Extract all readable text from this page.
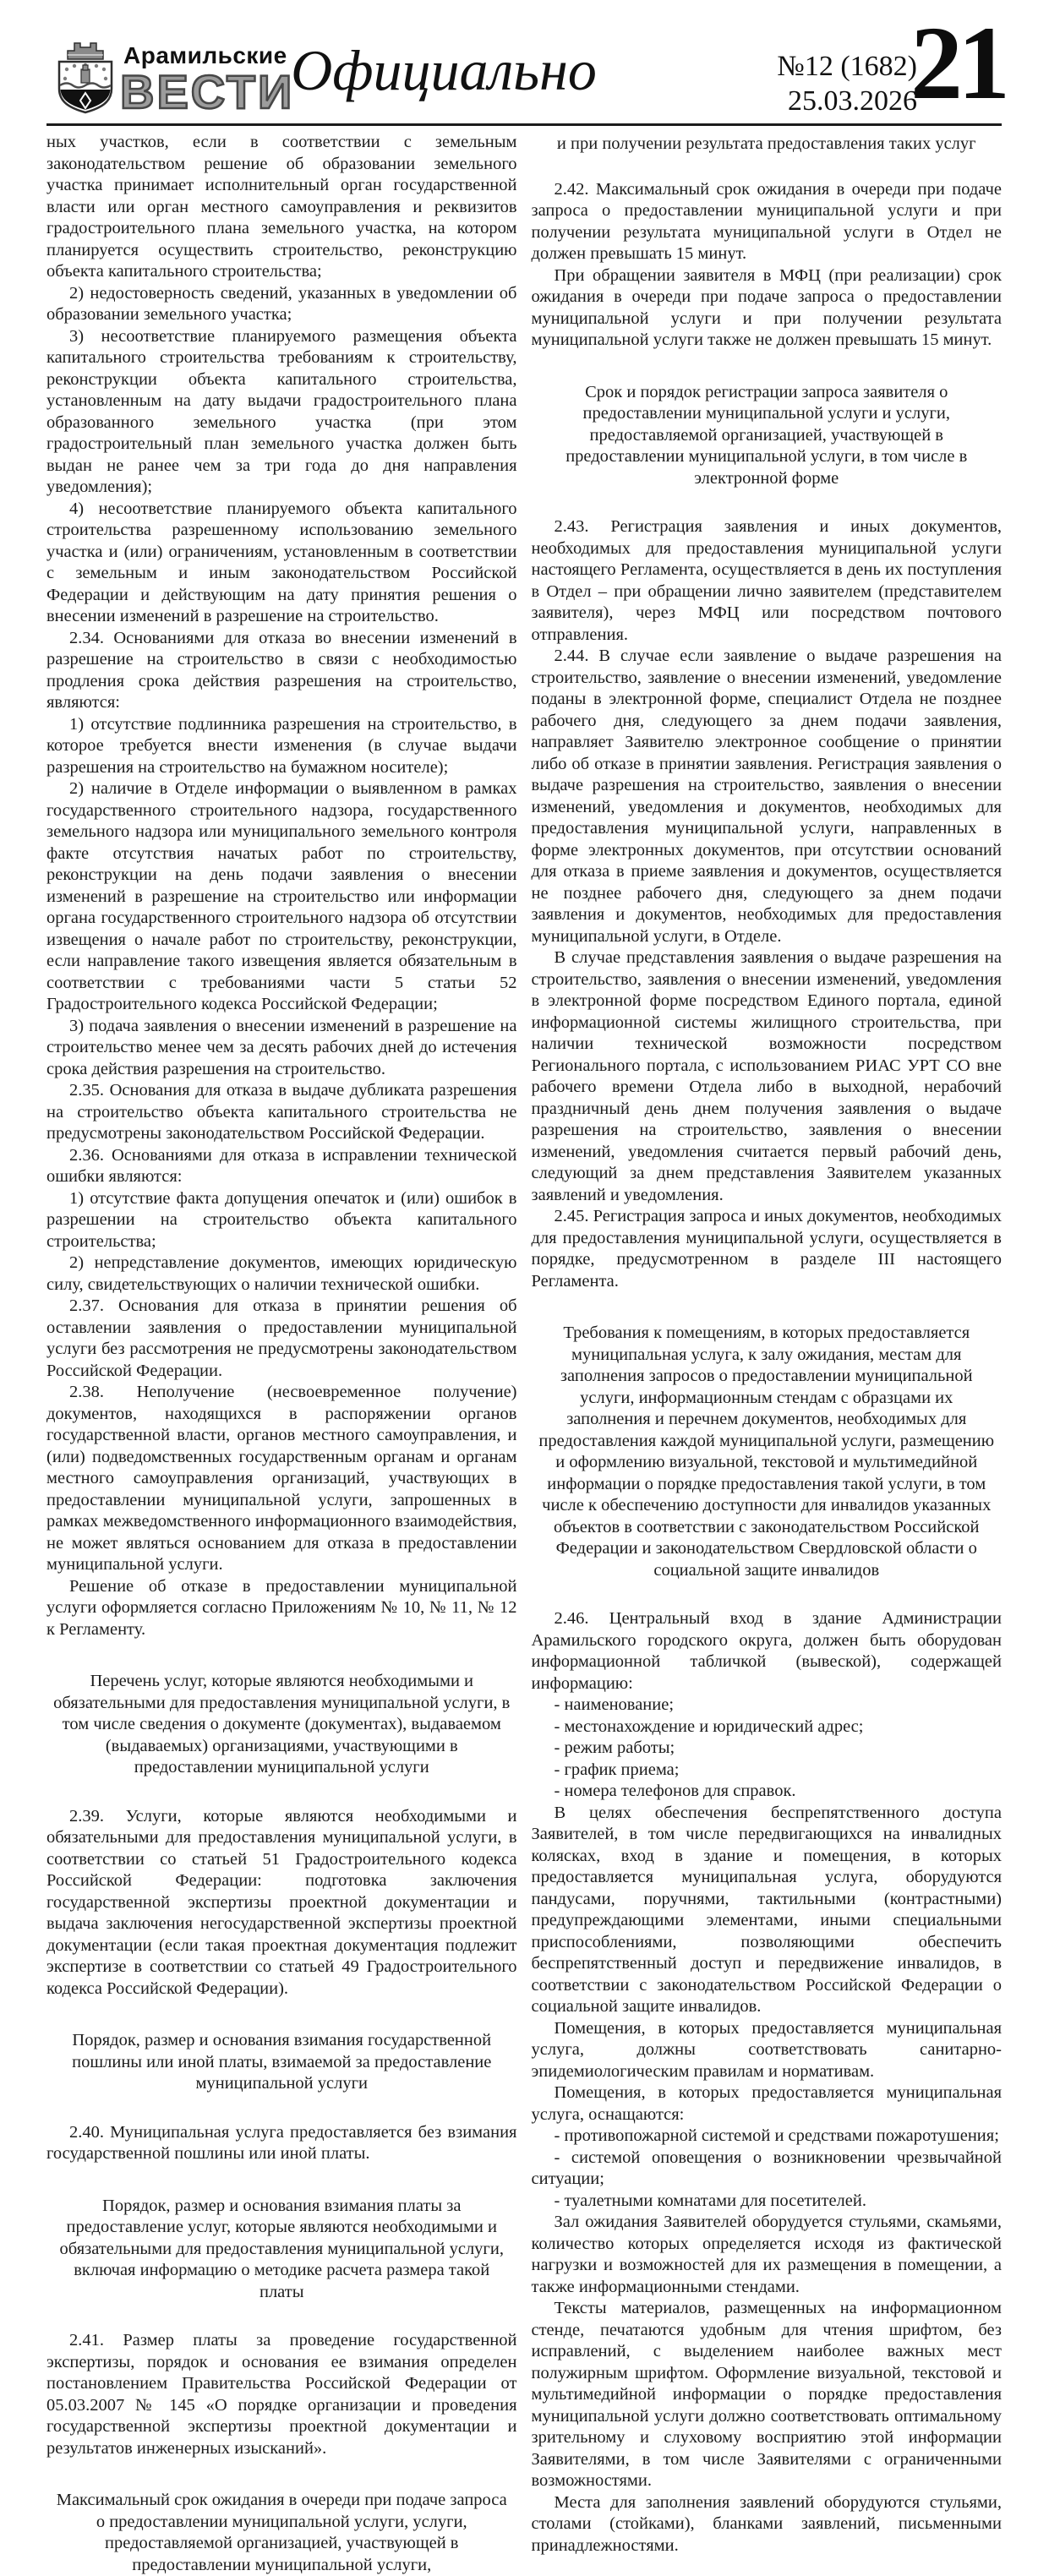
Арамильские
ВЕСТИ
Официально	№12 (1682)
25.03.2026
21

ных участков, если в соответствии с земельным законодательством решение об образовании земельного участка принимает исполнительный орган государственной власти или орган местного самоуправления и реквизитов градостроительного плана земельного участка, на котором планируется осуществить строительство, реконструкцию объекта капитального строительства;

2) недостоверность сведений, указанных в уведомлении об образовании земельного участка;

3) несоответствие планируемого размещения объекта капитального строительства требованиям к строительству, реконструкции объекта капитального строительства, установленным на дату выдачи градостроительного плана образованного земельного участка (при этом градостроительный план земельного участка должен быть выдан не ранее чем за три года до дня направления уведомления);

4) несоответствие планируемого объекта капитального строительства разрешенному использованию земельного участка и (или) ограничениям, установленным в соответствии с земельным и иным законодательством Российской Федерации и действующим на дату принятия решения о внесении изменений в разрешение на строительство.

2.34. Основаниями для отказа во внесении изменений в разрешение на строительство в связи с необходимостью продления срока действия разрешения на строительство, являются:

1) отсутствие подлинника разрешения на строительство, в которое требуется внести изменения (в случае выдачи разрешения на строительство на бумажном носителе);

2) наличие в Отделе информации о выявленном в рамках государственного строительного надзора, государственного земельного надзора или муниципального земельного контроля факте отсутствия начатых работ по строительству, реконструкции на день подачи заявления о внесении изменений в разрешение на строительство или информации органа государственного строительного надзора об отсутствии извещения о начале работ по строительству, реконструкции, если направление такого извещения является обязательным в соответствии с требованиями части 5 статьи 52 Градостроительного кодекса Российской Федерации;

3) подача заявления о внесении изменений в разрешение на строительство менее чем за десять рабочих дней до истечения срока действия разрешения на строительство.

2.35. Основания для отказа в выдаче дубликата разрешения на строительство объекта капитального строительства не предусмотрены законодательством Российской Федерации.

2.36. Основаниями для отказа в исправлении технической ошибки являются:

1) отсутствие факта допущения опечаток и (или) ошибок в разрешении на строительство объекта капитального строительства;

2) непредставление документов, имеющих юридическую силу, свидетельствующих о наличии технической ошибки.

2.37. Основания для отказа в принятии решения об оставлении заявления о предоставлении муниципальной услуги без рассмотрения не предусмотрены законодательством Российской Федерации.

2.38. Неполучение (несвоевременное получение) документов, находящихся в распоряжении органов государственной власти, органов местного самоуправления, и (или) подведомственных государственным органам и органам местного самоуправления организаций, участвующих в предоставлении муниципальной услуги, запрошенных в рамках межведомственного информационного взаимодействия, не может являться основанием для отказа в предоставлении муниципальной услуги.

Решение об отказе в предоставлении муниципальной услуги оформляется согласно Приложениям № 10, № 11, № 12 к Регламенту.

Перечень услуг, которые являются необходимыми и обязательными для предоставления муниципальной услуги, в том числе сведения о документе (документах), выдаваемом (выдаваемых) организациями, участвующими в предоставлении муниципальной услуги

2.39. Услуги, которые являются необходимыми и обязательными для предоставления муниципальной услуги, в соответствии со статьей 51 Градостроительного кодекса Российской Федерации: подготовка заключения государственной экспертизы проектной документации и выдача заключения негосударственной экспертизы проектной документации (если такая проектная документация подлежит экспертизе в соответствии со статьей 49 Градостроительного кодекса Российской Федерации).

Порядок, размер и основания взимания государственной пошлины или иной платы, взимаемой за предоставление муниципальной услуги

2.40. Муниципальная услуга предоставляется без взимания государственной пошлины или иной платы.

Порядок, размер и основания взимания платы за предоставление услуг, которые являются необходимыми и обязательными для предоставления муниципальной услуги, включая информацию о методике расчета размера такой платы

2.41. Размер платы за проведение государственной экспертизы, порядок и основания ее взимания определен постановлением Правительства Российской Федерации от 05.03.2007 № 145 «О порядке организации и проведения государственной экспертизы проектной документации и результатов инженерных изысканий».

Максимальный срок ожидания в очереди при подаче запроса о предоставлении муниципальной услуги, услуги, предоставляемой организацией, участвующей в предоставлении муниципальной услуги,

и при получении результата предоставления таких услуг

2.42. Максимальный срок ожидания в очереди при подаче запроса о предоставлении муниципальной услуги и при получении результата муниципальной услуги в Отдел не должен превышать 15 минут.

При обращении заявителя в МФЦ (при реализации) срок ожидания в очереди при подаче запроса о предоставлении муниципальной услуги и при получении результата муниципальной услуги также не должен превышать 15 минут.

Срок и порядок регистрации запроса заявителя о предоставлении муниципальной услуги и услуги, предоставляемой организацией, участвующей в предоставлении муниципальной услуги, в том числе в электронной форме

2.43. Регистрация заявления и иных документов, необходимых для предоставления муниципальной услуги настоящего Регламента, осуществляется в день их поступления в Отдел – при обращении лично заявителем (представителем заявителя), через МФЦ или посредством почтового отправления.

2.44. В случае если заявление о выдаче разрешения на строительство, заявление о внесении изменений, уведомление поданы в электронной форме, специалист Отдела не позднее рабочего дня, следующего за днем подачи заявления, направляет Заявителю электронное сообщение о принятии либо об отказе в принятии заявления. Регистрация заявления о выдаче разрешения на строительство, заявления о внесении изменений, уведомления и документов, необходимых для предоставления муниципальной услуги, направленных в форме электронных документов, при отсутствии оснований для отказа в приеме заявления и документов, осуществляется не позднее рабочего дня, следующего за днем подачи заявления и документов, необходимых для предоставления муниципальной услуги, в Отделе.

В случае представления заявления о выдаче разрешения на строительство, заявления о внесении изменений, уведомления в электронной форме посредством Единого портала, единой информационной системы жилищного строительства, при наличии технической возможности посредством Регионального портала, с использованием РИАС УРТ СО вне рабочего времени Отдела либо в выходной, нерабочий праздничный день днем получения заявления о выдаче разрешения на строительство, заявления о внесении изменений, уведомления считается первый рабочий день, следующий за днем представления Заявителем указанных заявлений и уведомления.

2.45. Регистрация запроса и иных документов, необходимых для предоставления муниципальной услуги, осуществляется в порядке, предусмотренном в разделе III настоящего Регламента.

Требования к помещениям, в которых предоставляется муниципальная услуга, к залу ожидания, местам для заполнения запросов о предоставлении муниципальной услуги, информационным стендам с образцами их заполнения и перечнем документов, необходимых для предоставления каждой муниципальной услуги, размещению и оформлению визуальной, текстовой и мультимедийной информации о порядке предоставления такой услуги, в том числе к обеспечению доступности для инвалидов указанных объектов в соответствии с законодательством Российской Федерации и законодательством Свердловской области о социальной защите инвалидов

2.46. Центральный вход в здание Администрации Арамильского городского округа, должен быть оборудован информационной табличкой (вывеской), содержащей информацию:

- наименование;

- местонахождение и юридический адрес;

- режим работы;

- график приема;

- номера телефонов для справок.

В целях обеспечения беспрепятственного доступа Заявителей, в том числе передвигающихся на инвалидных колясках, вход в здание и помещения, в которых предоставляется муниципальная услуга, оборудуются пандусами, поручнями, тактильными (контрастными) предупреждающими элементами, иными специальными приспособлениями, позволяющими обеспечить беспрепятственный доступ и передвижение инвалидов, в соответствии с законодательством Российской Федерации о социальной защите инвалидов.

Помещения, в которых предоставляется муниципальная услуга, должны соответствовать санитарно-эпидемиологическим правилам и нормативам.

Помещения, в которых предоставляется муниципальная услуга, оснащаются:

- противопожарной системой и средствами пожаротушения;

- системой оповещения о возникновении чрезвычайной ситуации;

- туалетными комнатами для посетителей.

Зал ожидания Заявителей оборудуется стульями, скамьями, количество которых определяется исходя из фактической нагрузки и возможностей для их размещения в помещении, а также информационными стендами.

Тексты материалов, размещенных на информационном стенде, печатаются удобным для чтения шрифтом, без исправлений, с выделением наиболее важных мест полужирным шрифтом. Оформление визуальной, текстовой и мультимедийной информации о порядке предоставления муниципальной услуги должно соответствовать оптимальному зрительному и слуховому восприятию этой информации Заявителями, в том числе Заявителями с ограниченными возможностями.

Места для заполнения заявлений оборудуются стульями, столами (стойками), бланками заявлений, письменными принадлежностями.
